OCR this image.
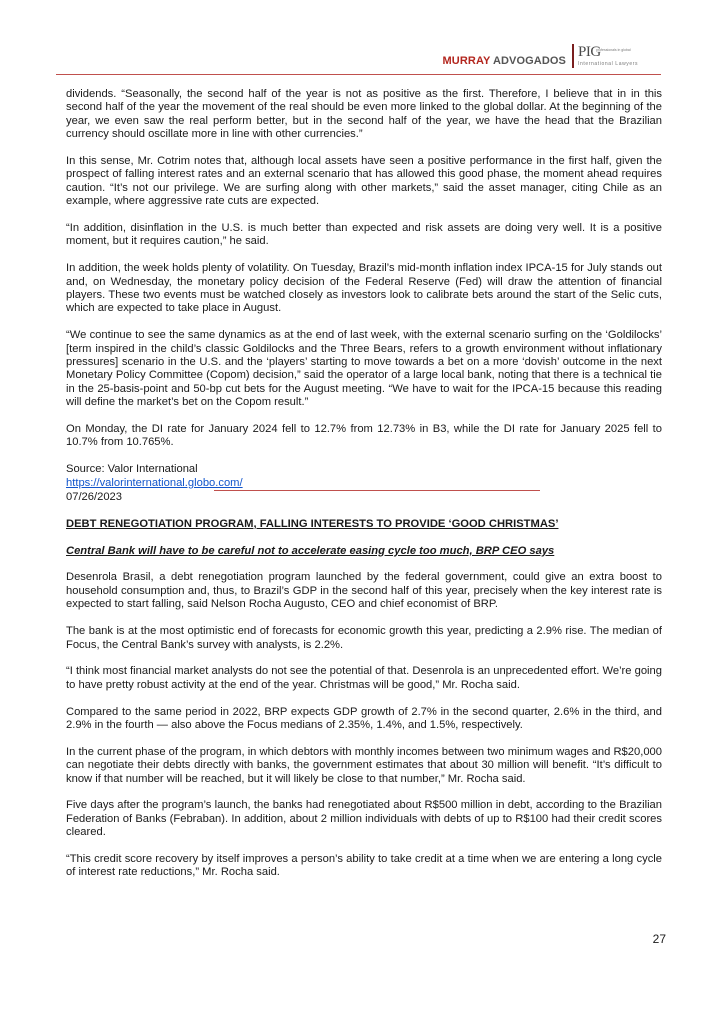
MURRAY ADVOGADOS
PIG
professionals in global
International Lawyers

dividends. “Seasonally, the second half of the year is not as positive as the first. Therefore, I believe that in in this second half of the year the movement of the real should be even more linked to the global dollar. At the beginning of the year, we even saw the real perform better, but in the second half of the year, we have the head that the Brazilian currency should oscillate more in line with other currencies.”

In this sense, Mr. Cotrim notes that, although local assets have seen a positive performance in the first half, given the prospect of falling interest rates and an external scenario that has allowed this good phase, the moment ahead requires caution. “It’s not our privilege. We are surfing along with other markets,” said the asset manager, citing Chile as an example, where aggressive rate cuts are expected.

“In addition, disinflation in the U.S. is much better than expected and risk assets are doing very well. It is a positive moment, but it requires caution,” he said.

In addition, the week holds plenty of volatility. On Tuesday, Brazil’s mid-month inflation index IPCA-15 for July stands out and, on Wednesday, the monetary policy decision of the Federal Reserve (Fed) will draw the attention of financial players. These two events must be watched closely as investors look to calibrate bets around the start of the Selic cuts, which are expected to take place in August.

“We continue to see the same dynamics as at the end of last week, with the external scenario surfing on the ‘Goldilocks’ [term inspired in the child’s classic Goldilocks and the Three Bears, refers to a growth environment without inflationary pressures] scenario in the U.S. and the ‘players’ starting to move towards a bet on a more ‘dovish’ outcome in the next Monetary Policy Committee (Copom) decision,” said the operator of a large local bank, noting that there is a technical tie in the 25-basis-point and 50-bp cut bets for the August meeting. “We have to wait for the IPCA-15 because this reading will define the market’s bet on the Copom result.”

On Monday, the DI rate for January 2024 fell to 12.7% from 12.73% in B3, while the DI rate for January 2025 fell to 10.7% from 10.765%.

Source: Valor International

https://valorinternational.globo.com/

07/26/2023

DEBT RENEGOTIATION PROGRAM, FALLING INTERESTS TO PROVIDE ‘GOOD CHRISTMAS’

Central Bank will have to be careful not to accelerate easing cycle too much, BRP CEO says

Desenrola Brasil, a debt renegotiation program launched by the federal government, could give an extra boost to household consumption and, thus, to Brazil’s GDP in the second half of this year, precisely when the key interest rate is expected to start falling, said Nelson Rocha Augusto, CEO and chief economist of BRP.

The bank is at the most optimistic end of forecasts for economic growth this year, predicting a 2.9% rise. The median of Focus, the Central Bank’s survey with analysts, is 2.2%.

“I think most financial market analysts do not see the potential of that. Desenrola is an unprecedented effort. We’re going to have pretty robust activity at the end of the year. Christmas will be good,” Mr. Rocha said.

Compared to the same period in 2022, BRP expects GDP growth of 2.7% in the second quarter, 2.6% in the third, and 2.9% in the fourth — also above the Focus medians of 2.35%, 1.4%, and 1.5%, respectively.

In the current phase of the program, in which debtors with monthly incomes between two minimum wages and R$20,000 can negotiate their debts directly with banks, the government estimates that about 30 million will benefit. “It’s difficult to know if that number will be reached, but it will likely be close to that number,” Mr. Rocha said.

Five days after the program’s launch, the banks had renegotiated about R$500 million in debt, according to the Brazilian Federation of Banks (Febraban). In addition, about 2 million individuals with debts of up to R$100 had their credit scores cleared.

“This credit score recovery by itself improves a person’s ability to take credit at a time when we are entering a long cycle of interest rate reductions,” Mr. Rocha said.

27
